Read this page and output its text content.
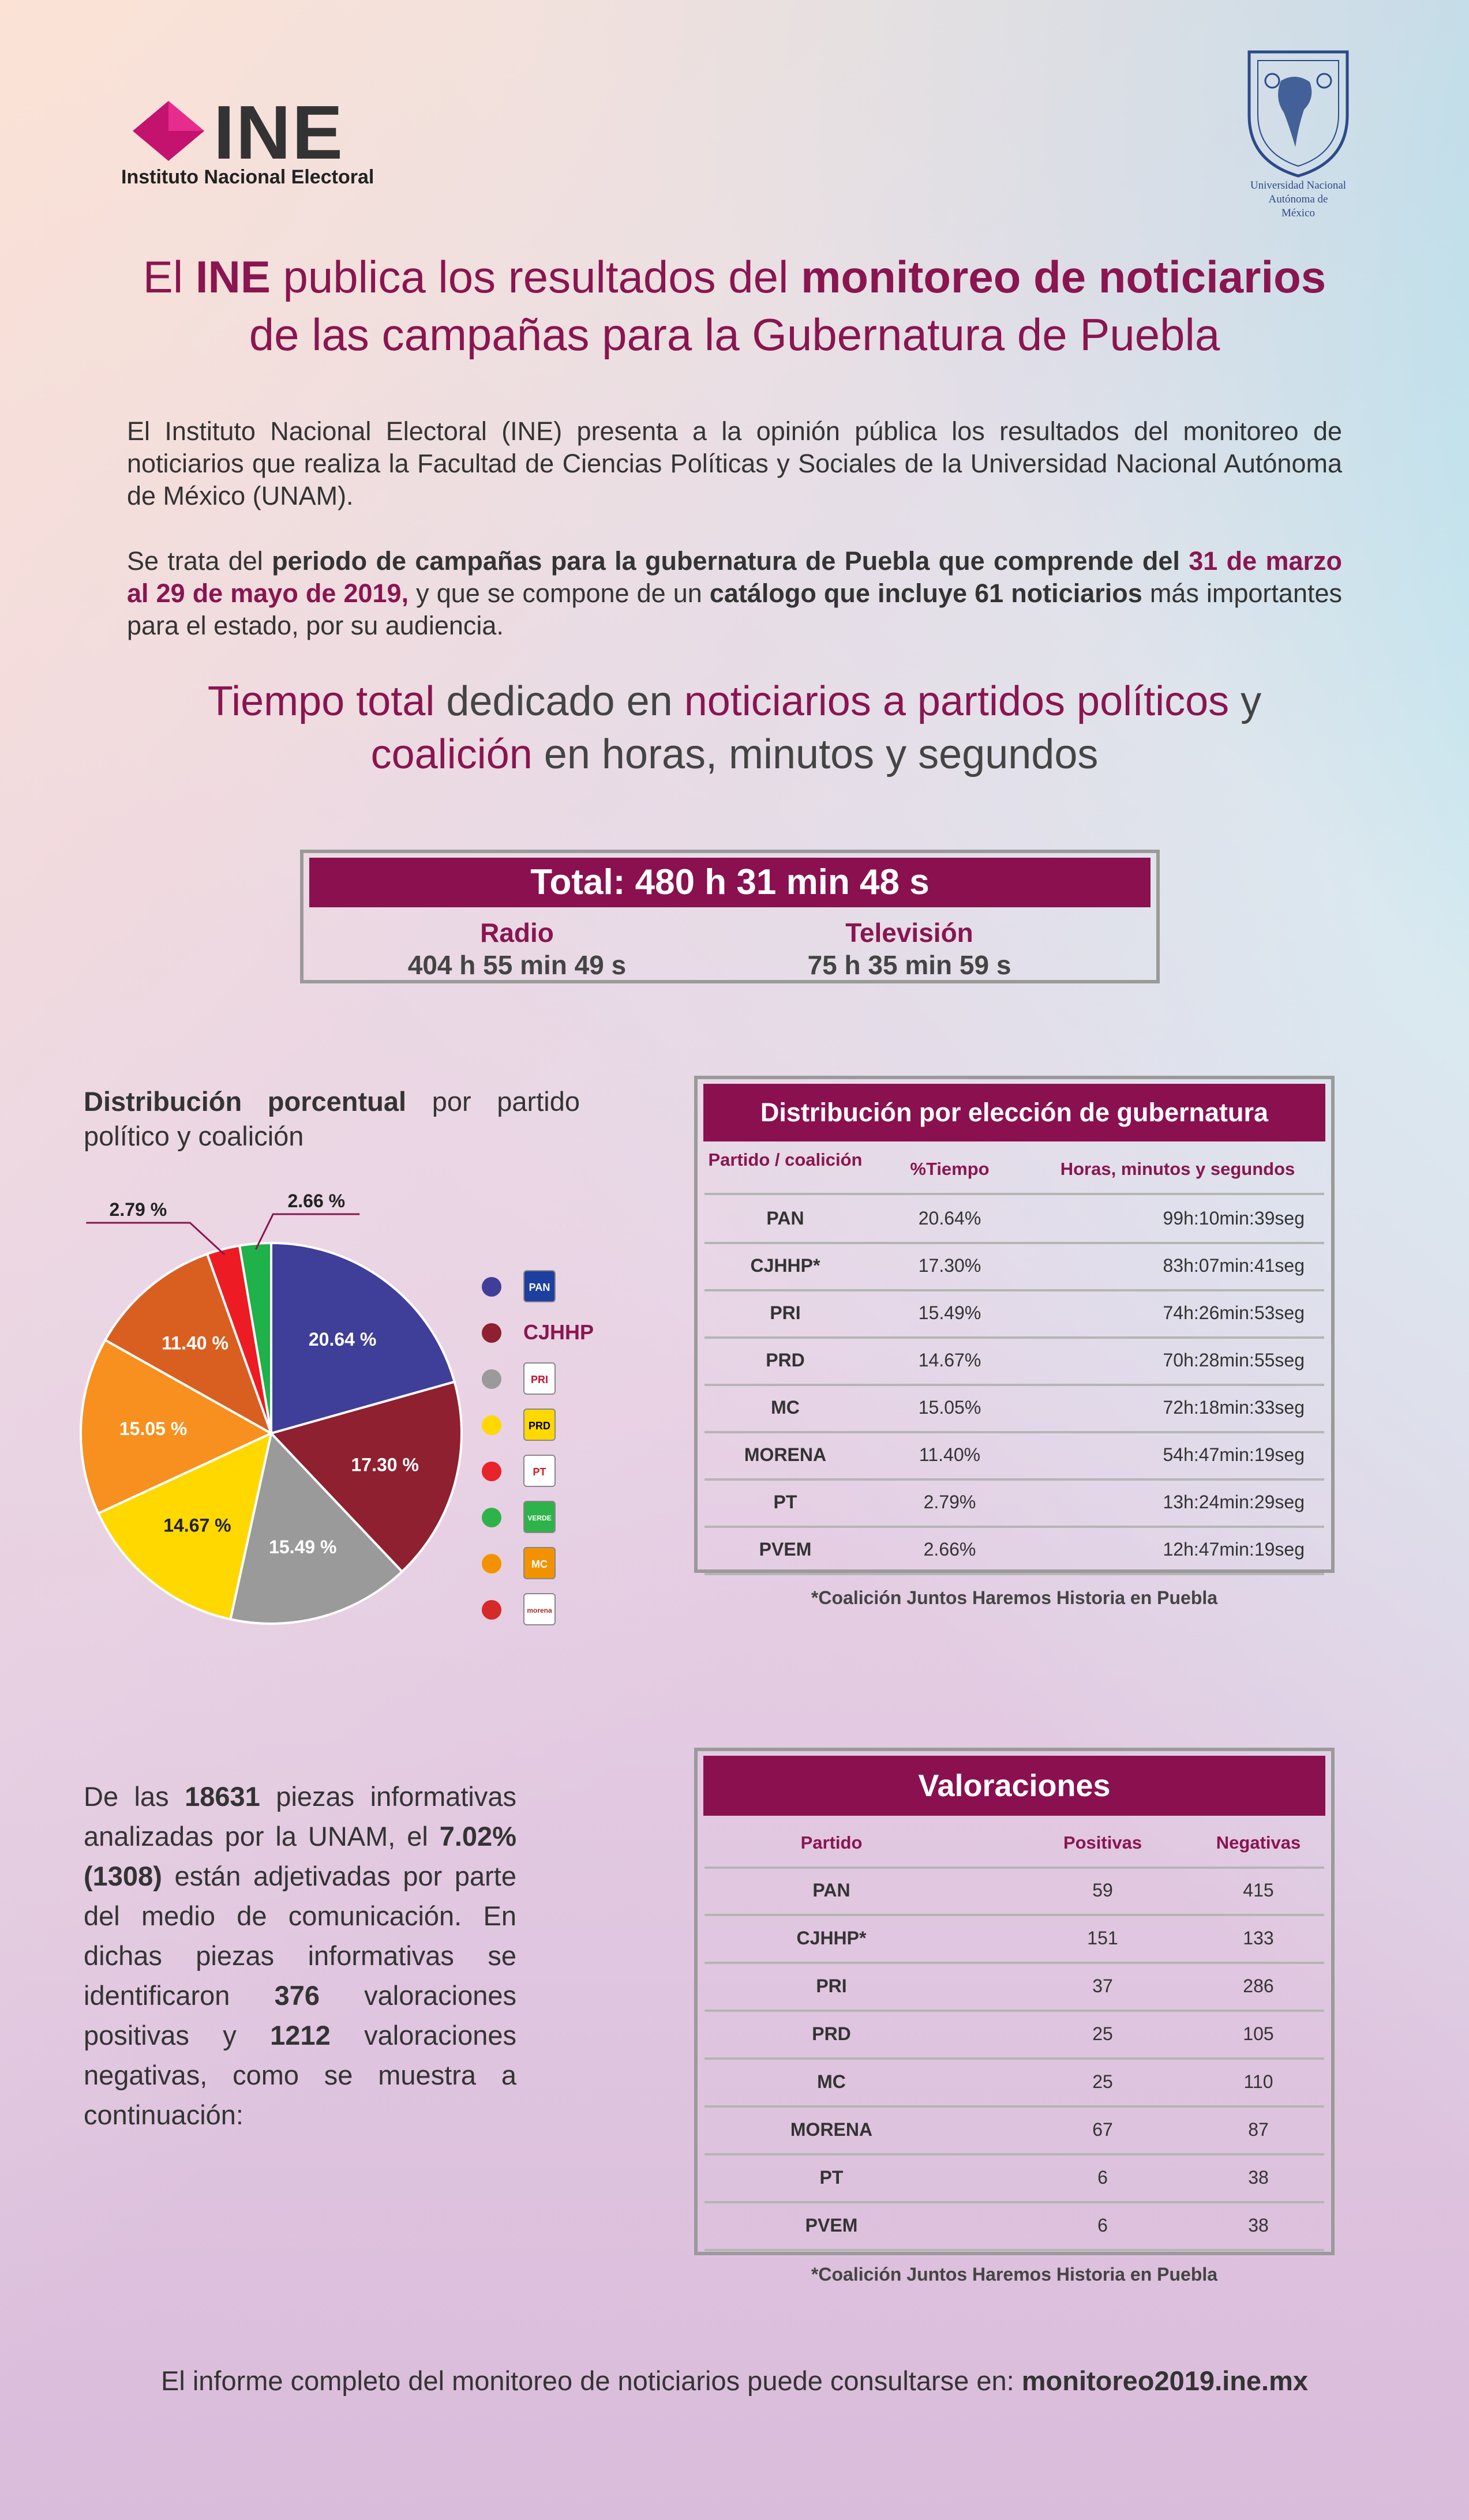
INE
Instituto Nacional Electoral	Universidad Nacional
Autónoma de
México
El INE publica los resultados del monitoreo de noticiarios
de las campañas para la Gubernatura de Puebla
El Instituto Nacional Electoral (INE) presenta a la opinión pública los resultados del monitoreo de noticiarios que realiza la Facultad de Ciencias Políticas y Sociales de la Universidad Nacional Autónoma de México (UNAM).
Se trata del periodo de campañas para la gubernatura de Puebla que comprende del 31 de marzo al 29 de mayo de 2019, y que se compone de un catálogo que incluye 61 noticiarios más importantes para el estado, por su audiencia.
Tiempo total dedicado en noticiarios a partidos políticos y
coalición en horas, minutos y segundos
Total: 480 h 31 min 48 s
Radio
404 h 55 min 49 s
Televisión
75 h 35 min 59 s
Distribución porcentual por partido político y coalición
20.64 %
17.30 %
15.49 %
14.67 %
15.05 %
11.40 %
2.79 %	2.66 %
PAN
CJHHP
PRI
PRD
PT
VERDE
MC
morena
Distribución por elección de gubernatura
Partido / coalición	%Tiempo	Horas, minutos y segundos
PAN	20.64%	99h:10min:39seg
CJHHP*	17.30%	83h:07min:41seg
PRI	15.49%	74h:26min:53seg
PRD	14.67%	70h:28min:55seg
MC	15.05%	72h:18min:33seg
MORENA	11.40%	54h:47min:19seg
PT	2.79%	13h:24min:29seg
PVEM	2.66%	12h:47min:19seg
*Coalición Juntos Haremos Historia en Puebla
De las 18631 piezas informativas analizadas por la UNAM, el 7.02% (1308) están adjetivadas por parte del medio de comunicación. En dichas piezas informativas se identificaron 376 valoraciones positivas y 1212 valoraciones negativas, como se muestra a continuación:
Valoraciones
Partido	Positivas	Negativas
PAN	59	415
CJHHP*	151	133
PRI	37	286
PRD	25	105
MC	25	110
MORENA	67	87
PT	6	38
PVEM	6	38
*Coalición Juntos Haremos Historia en Puebla
El informe completo del monitoreo de noticiarios puede consultarse en: monitoreo2019.ine.mx
